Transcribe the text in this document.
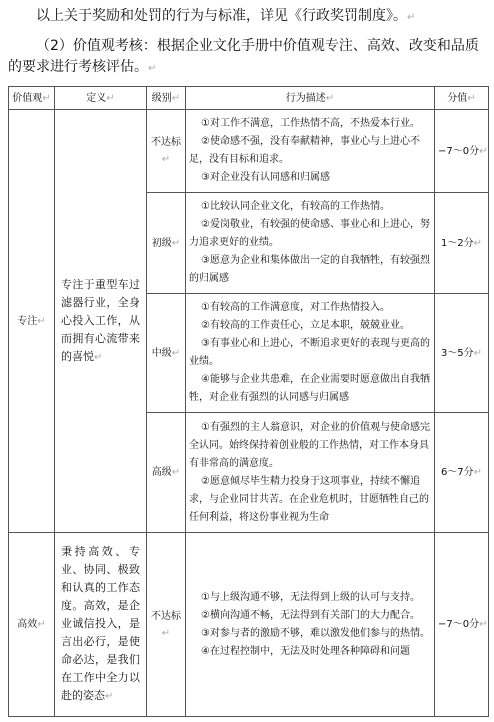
以上关于奖励和处罚的行为与标准，详见《行政奖罚制度》。↵

（2）价值观考核：根据企业文化手册中价值观专注、高效、改变和品质的要求进行考核评估。↵

价值观↵	定义↵	级别↵	行为描述↵	分值↵
专注↵	专注于重型车过滤器行业，全身心投入工作，从而拥有心流带来的喜悦↵	不达标↵	①对工作不满意，工作热情不高，不热爱本行业。

②使命感不强，没有奉献精神，事业心与上进心不足，没有目标和追求。

③对企业没有认同感和归属感	−7～0分↵
		初级↵	①比较认同企业文化，有较高的工作热情。

②爱岗敬业，有较强的使命感、事业心和上进心，努力追求更好的业绩。

③愿意为企业和集体做出一定的自我牺牲，有较强烈的归属感	1～2分↵
		中级↵	①有较高的工作满意度，对工作热情投入。

②有较高的工作责任心，立足本职，兢兢业业。

③有事业心和上进心，不断追求更好的表现与更高的业绩。

④能够与企业共患难，在企业需要时愿意做出自我牺牲，对企业有强烈的认同感与归属感	3～5分↵
		高级↵	①有强烈的主人翁意识，对企业的价值观与使命感完全认同。始终保持着创业般的工作热情，对工作本身具有非常高的满意度。

②愿意倾尽毕生精力投身于这项事业，持续不懈追求，与企业同甘共苦。在企业危机时，甘愿牺牲自己的任何利益，将这份事业视为生命	6～7分↵
高效↵	秉持高效、专业、协同、极致和认真的工作态度。高效，是企业诚信投入，是言出必行，是使命必达，是我们在工作中全力以赴的姿态↵	不达标↵	①与上级沟通不够，无法得到上级的认可与支持。

②横向沟通不畅，无法得到有关部门的大力配合。

③对参与者的激励不够，难以激发他们参与的热情。

④在过程控制中，无法及时处理各种障碍和问题	−7～0分↵
